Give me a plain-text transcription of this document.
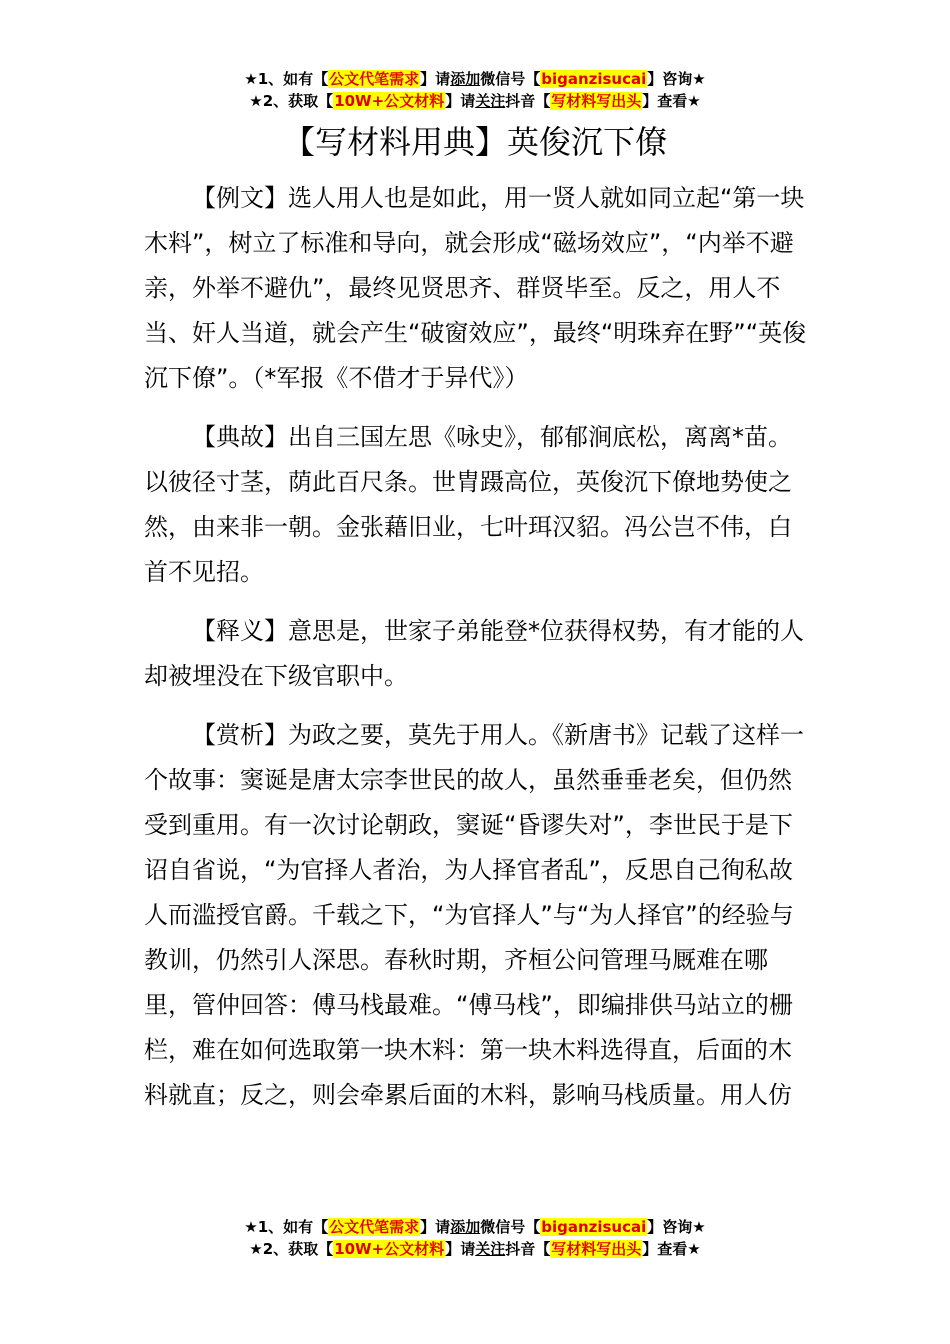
★1、如有【公文代笔需求】请添加微信号【biganzisucai】咨询★
★2、获取【10W+公文材料】请关注抖音【写材料写出头】查看★
【写材料用典】英俊沉下僚

【例文】选人用人也是如此，用一贤人就如同立起“第一块木料”，树立了标准和导向，就会形成“磁场效应”，“内举不避亲，外举不避仇”，最终见贤思齐、群贤毕至。反之，用人不当、奸人当道，就会产生“破窗效应”，最终“明珠弃在野”“英俊沉下僚”。（*军报《不借才于异代》）

【典故】出自三国左思《咏史》，郁郁涧底松，离离*苗。以彼径寸茎，荫此百尺条。世胄蹑高位，英俊沉下僚地势使之然，由来非一朝。金张藉旧业，七叶珥汉貂。冯公岂不伟，白首不见招。

【释义】意思是，世家子弟能登*位获得权势，有才能的人却被埋没在下级官职中。

【赏析】为政之要，莫先于用人。《新唐书》记载了这样一个故事：窦诞是唐太宗李世民的故人，虽然垂垂老矣，但仍然受到重用。有一次讨论朝政，窦诞“昏谬失对”，李世民于是下诏自省说，“为官择人者治，为人择官者乱”，反思自己徇私故人而滥授官爵。千载之下，“为官择人”与“为人择官”的经验与教训，仍然引人深思。春秋时期，齐桓公问管理马厩难在哪里，管仲回答：傅马栈最难。“傅马栈”，即编排供马站立的栅栏，难在如何选取第一块木料：第一块木料选得直，后面的木料就直；反之，则会牵累后面的木料，影响马栈质量。用人仿

★1、如有【公文代笔需求】请添加微信号【biganzisucai】咨询★
★2、获取【10W+公文材料】请关注抖音【写材料写出头】查看★
